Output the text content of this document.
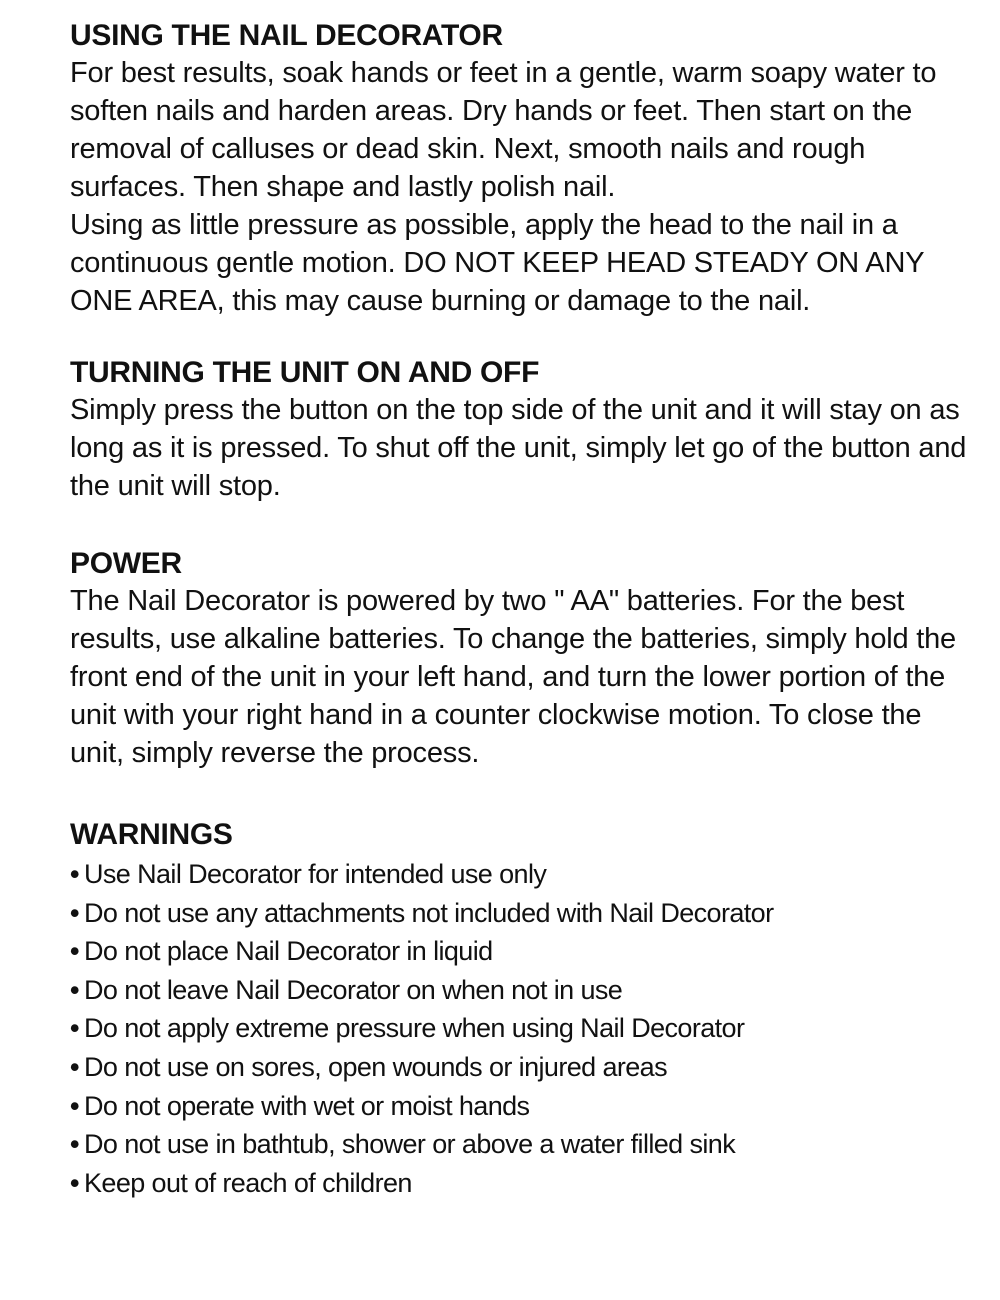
USING THE NAIL DECORATOR

For best results, soak hands or feet in a gentle, warm soapy water to soften nails and harden areas. Dry hands or feet. Then start on the removal of calluses or dead skin. Next, smooth nails and rough surfaces. Then shape and lastly polish nail.

Using as little pressure as possible, apply the head to the nail in a continuous gentle motion. DO NOT KEEP HEAD STEADY ON ANY ONE AREA, this may cause burning or damage to the nail.

TURNING THE UNIT ON AND OFF

Simply press the button on the top side of the unit and it will stay on as long as it is pressed. To shut off the unit, simply let go of the button and the unit will stop.

POWER

The Nail Decorator is powered by two " AA" batteries. For the best results, use alkaline batteries. To change the batteries, simply hold the front end of the unit in your left hand, and turn the lower portion of the unit with your right hand in a counter clockwise motion. To close the unit, simply reverse the process.

WARNINGS
• Use Nail Decorator for intended use only
• Do not use any attachments not included with Nail Decorator
• Do not place Nail Decorator in liquid
• Do not leave Nail Decorator on when not in use
• Do not apply extreme pressure when using Nail Decorator
• Do not use on sores, open wounds or injured areas
• Do not operate with wet or moist hands
• Do not use in bathtub, shower or above a water filled sink
• Keep out of reach of children
